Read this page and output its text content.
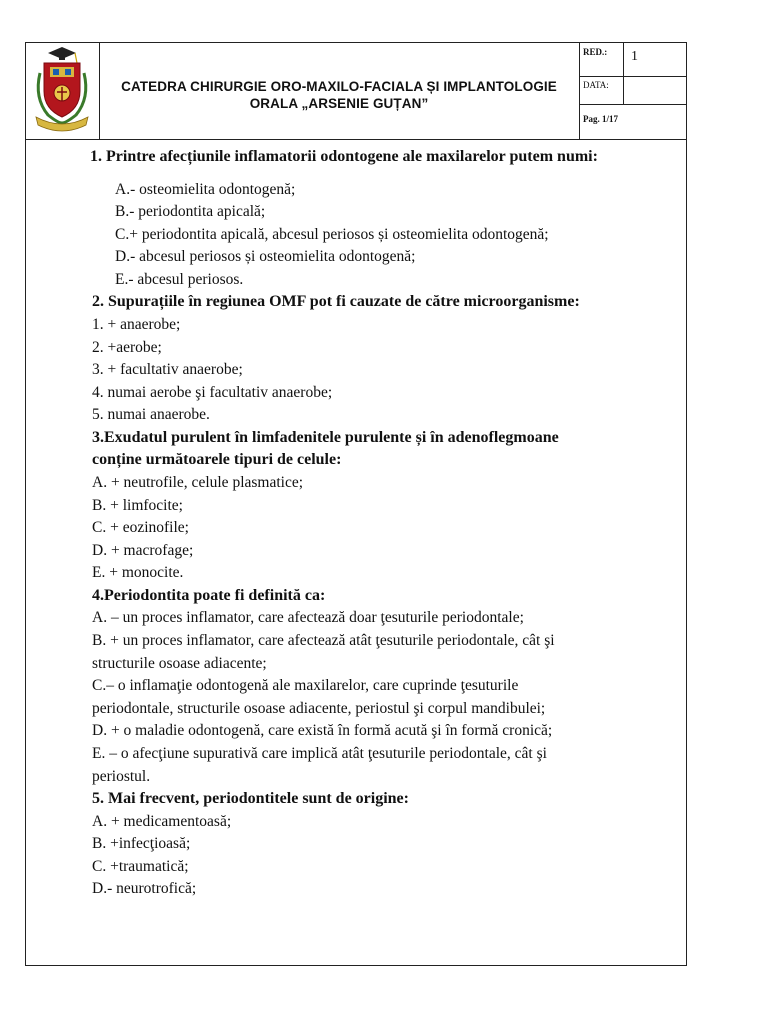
CATEDRA CHIRURGIE ORO-MAXILO-FACIALA ȘI IMPLANTOLOGIE
ORALA „ARSENIE GUȚAN”
RED.:	1
DATA:
Pag. 1/17

1. Printre afecțiunile inflamatorii odontogene ale maxilarelor putem numi:

A.- osteomielita odontogenă;

B.- periodontita apicală;

C.+ periodontita apicală, abcesul periosos și osteomielita odontogenă;

D.- abcesul periosos și osteomielita odontogenă;

E.- abcesul periosos.

2. Supurațiile în regiunea OMF pot fi cauzate de către microorganisme:

1. + anaerobe;

2. +aerobe;

3. + facultativ anaerobe;

4. numai aerobe şi facultativ anaerobe;

5. numai anaerobe.

3.Exudatul purulent în limfadenitele purulente și în adenoflegmoane

conține următoarele tipuri de celule:

A. + neutrofile, celule plasmatice;

B. + limfocite;

C. + eozinofile;

D. + macrofage;

E. + monocite.

4.Periodontita poate fi definită ca:

A. – un proces inflamator, care afectează doar ţesuturile periodontale;

B. + un proces inflamator, care afectează atât ţesuturile periodontale, cât şi

structurile osoase adiacente;

C.– o inflamaţie odontogenă ale maxilarelor, care cuprinde ţesuturile

periodontale, structurile osoase adiacente, periostul şi corpul mandibulei;

D. + o maladie odontogenă, care există în formă acută şi în formă cronică;

E. – o afecţiune supurativă care implică atât ţesuturile periodontale, cât şi

periostul.

5. Mai frecvent, periodontitele sunt de origine:

A. + medicamentoasă;

B. +infecţioasă;

C. +traumatică;

D.- neurotrofică;
